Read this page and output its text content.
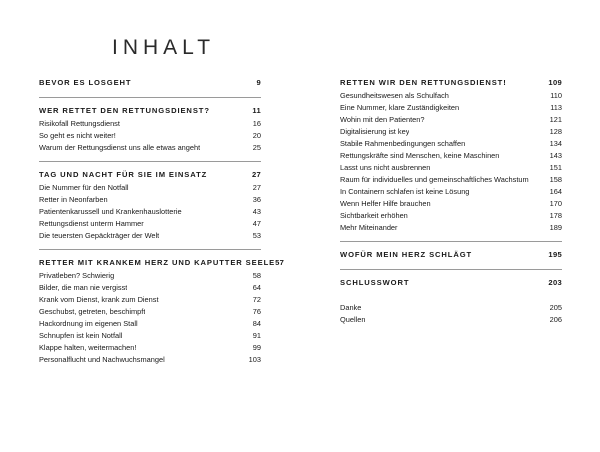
INHALT
BEVOR ES LOSGEHT	9
WER RETTET DEN RETTUNGSDIENST?	11
Risikofall Rettungsdienst	16
So geht es nicht weiter!	20
Warum der Rettungsdienst uns alle etwas angeht	25
TAG UND NACHT FÜR SIE IM EINSATZ	27
Die Nummer für den Notfall	27
Retter in Neonfarben	36
Patientenkarussell und Krankenhauslotterie	43
Rettungsdienst unterm Hammer	47
Die teuersten Gepäckträger der Welt	53
RETTER MIT KRANKEM HERZ UND KAPUTTER SEELE 57
Privatleben? Schwierig	58
Bilder, die man nie vergisst	64
Krank vom Dienst, krank zum Dienst	72
Geschubst, getreten, beschimpft	76
Hackordnung im eigenen Stall	84
Schnupfen ist kein Notfall	91
Klappe halten, weitermachen!	99
Personalflucht und Nachwuchsmangel	103
RETTEN WIR DEN RETTUNGSDIENST!	109
Gesundheitswesen als Schulfach	110
Eine Nummer, klare Zuständigkeiten	113
Wohin mit den Patienten?	121
Digitalisierung ist key	128
Stabile Rahmenbedingungen schaffen	134
Rettungskräfte sind Menschen, keine Maschinen	143
Lasst uns nicht ausbrennen	151
Raum für individuelles und gemeinschaftliches Wachstum	158
In Containern schlafen ist keine Lösung	164
Wenn Helfer Hilfe brauchen	170
Sichtbarkeit erhöhen	178
Mehr Miteinander	189
WOFÜR MEIN HERZ SCHLÄGT	195
SCHLUSSWORT	203
Danke	205
Quellen	206
